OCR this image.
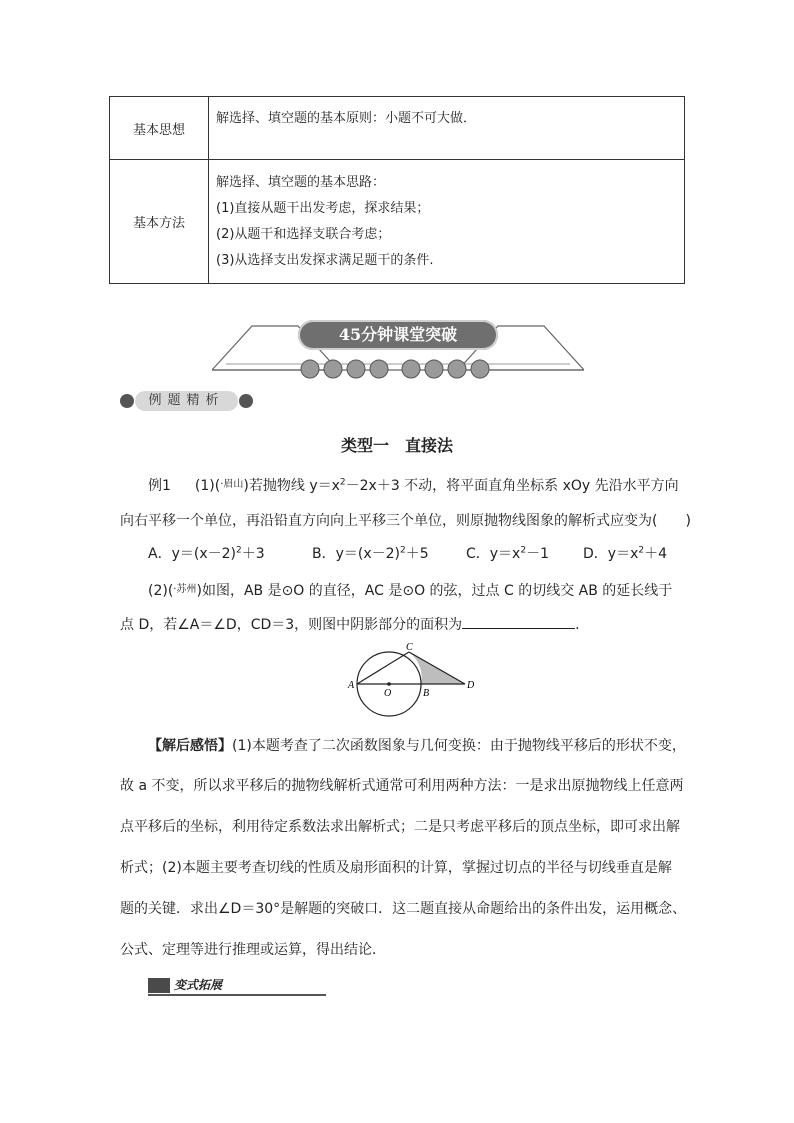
基本思想	解选择、填空题的基本原则：小题不可大做．

基本方法	解选择、填空题的基本思路：
(1)直接从题干出发考虑，探求结果；
(2)从题干和选择支联合考虑；
(3)从选择支出发探求满足题干的条件.
45分钟课堂突破
例题精析
类型一　直接法
例1 (1)($^{\cdot 眉山}$)若抛物线 $y=x^2-2x+3$ 不动，将平面直角坐标系 xOy 先沿水平方向
向右平移一个单位，再沿铅直方向向上平移三个单位，则原抛物线图象的解析式应变为(　　)
A．$y=(x-2)^2+3$	B．$y=(x-2)^2+5$	C．$y=x^2-1$ D．$y=x^2+4$
(2)($^{\cdot 苏州}$)如图，AB 是⊙O 的直径，AC 是⊙O 的弦，过点 C 的切线交 AB 的延长线于
点 D，若∠A＝∠D，CD＝3，则图中阴影部分的面积为	.
A
O	B
C
D
【解后感悟】(1)本题考查了二次函数图象与几何变换：由于抛物线平移后的形状不变，
故 a 不变，所以求平移后的抛物线解析式通常可利用两种方法：一是求出原抛物线上任意两
点平移后的坐标，利用待定系数法求出解析式；二是只考虑平移后的顶点坐标，即可求出解
析式；(2)本题主要考查切线的性质及扇形面积的计算，掌握过切点的半径与切线垂直是解
题的关键．求出∠D＝30°是解题的突破口．这二题直接从命题给出的条件出发，运用概念、
公式、定理等进行推理或运算，得出结论．
变式拓展
